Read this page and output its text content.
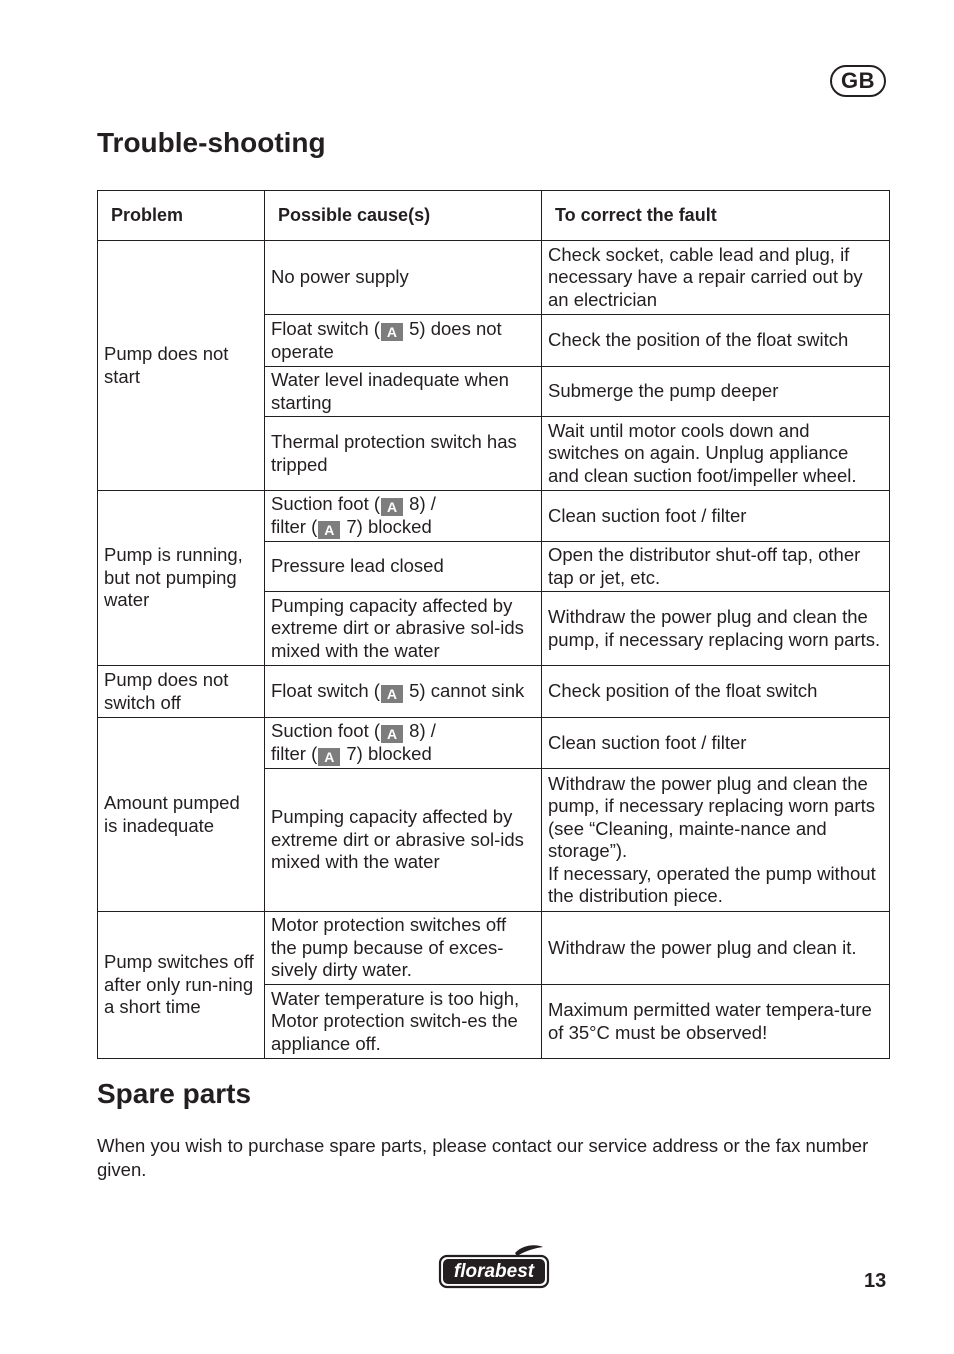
GB
Trouble-shooting
Problem	Possible cause(s)	To correct the fault
Pump does not start	No power supply	Check socket, cable lead and plug, if necessary have a repair carried out by an electrician
	Float switch ( A 5) does not operate	Check the position of the float switch
	Water level inadequate when starting	Submerge the pump deeper
	Thermal protection switch has tripped	Wait until motor cools down and switches on again. Unplug appliance and clean suction foot/impeller wheel.
Pump is running, but not pumping water	Suction foot ( A 8) /
filter ( A 7) blocked	Clean suction foot / filter
	Pressure lead closed	Open the distributor shut-off tap, other tap or jet, etc.
	Pumping capacity affected by extreme dirt or abrasive sol-ids mixed with the water	Withdraw the power plug and clean the pump, if necessary replacing worn parts.
Pump does not switch off	Float switch ( A 5) cannot sink	Check position of the float switch
Amount pumped is inadequate	Suction foot ( A 8) /
filter ( A 7) blocked	Clean suction foot / filter
	Pumping capacity affected by extreme dirt or abrasive sol-ids mixed with the water	Withdraw the power plug and clean the pump, if necessary replacing worn parts (see “Cleaning, mainte-nance and storage”).
If necessary, operated the pump without the distribution piece.
Pump switches off after only run-ning a short time	Motor protection switches off the pump because of exces-sively dirty water.	Withdraw the power plug and clean it.
	Water temperature is too high, Motor protection switch-es the appliance off.	Maximum permitted water tempera-ture of 35°C must be observed!
Spare parts

When you wish to purchase spare parts, please contact our service address or the fax number given.

florabest	13
